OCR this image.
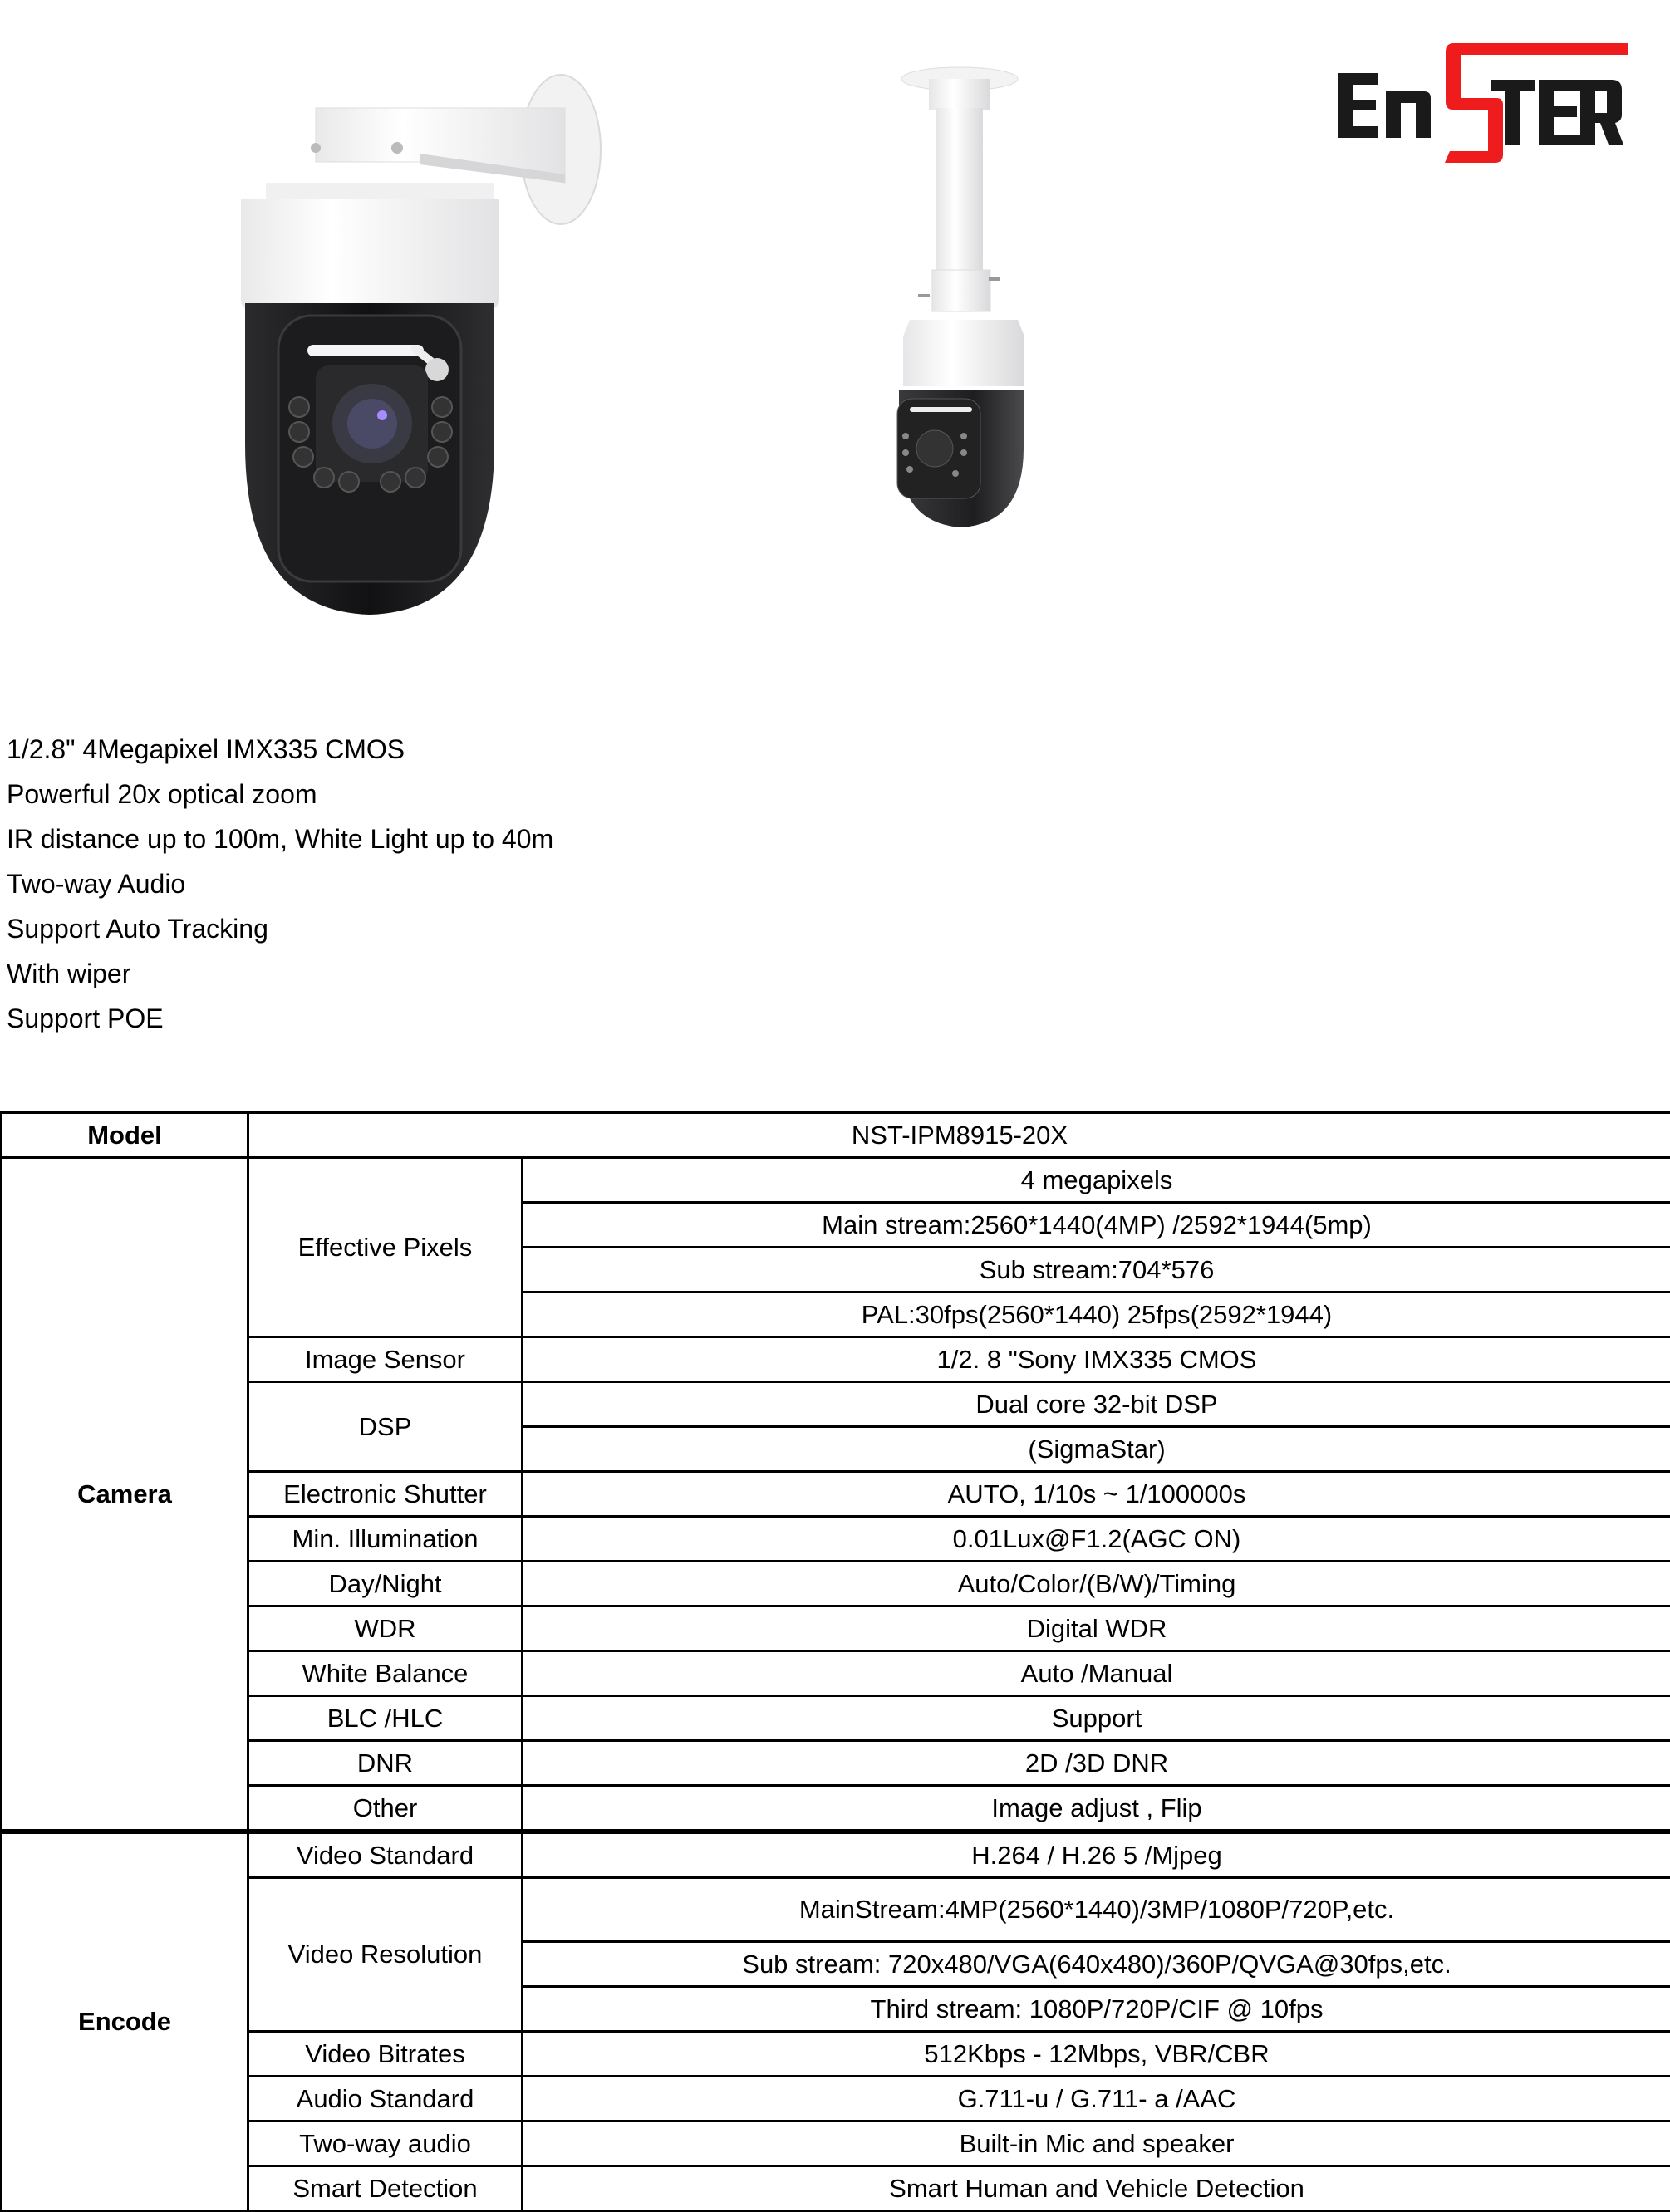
1/2.8" 4Megapixel IMX335 CMOS
Powerful 20x optical zoom
IR distance up to 100m, White Light up to 40m
Two-way Audio
Support Auto Tracking
With wiper
Support POE
Model	NST-IPM8915-20X	
Camera	Effective Pixels	4 megapixels
		Main stream:2560*1440(4MP) /2592*1944(5mp)
		Sub stream:704*576
		PAL:30fps(2560*1440) 25fps(2592*1944)
	Image Sensor	1/2. 8 "Sony IMX335 CMOS
	DSP	Dual core 32-bit DSP
		(SigmaStar)
	Electronic Shutter	AUTO, 1/10s ~ 1/100000s
	Min. Illumination	0.01Lux@F1.2(AGC ON)
	Day/Night	Auto/Color/(B/W)/Timing
	WDR	Digital WDR
	White Balance	Auto /Manual
	BLC /HLC	Support
	DNR	2D /3D DNR
	Other	Image adjust , Flip
Encode	Video Standard	H.264 / H.26 5 /Mjpeg
	Video Resolution	MainStream:4MP(2560*1440)/3MP/1080P/720P,etc.
		Sub stream: 720x480/VGA(640x480)/360P/QVGA@30fps,etc.
		Third stream: 1080P/720P/CIF @ 10fps
	Video Bitrates	512Kbps - 12Mbps, VBR/CBR
	Audio Standard	G.711-u / G.711- a /AAC
	Two-way audio	Built-in Mic and speaker
	Smart Detection	Smart Human and Vehicle Detection
